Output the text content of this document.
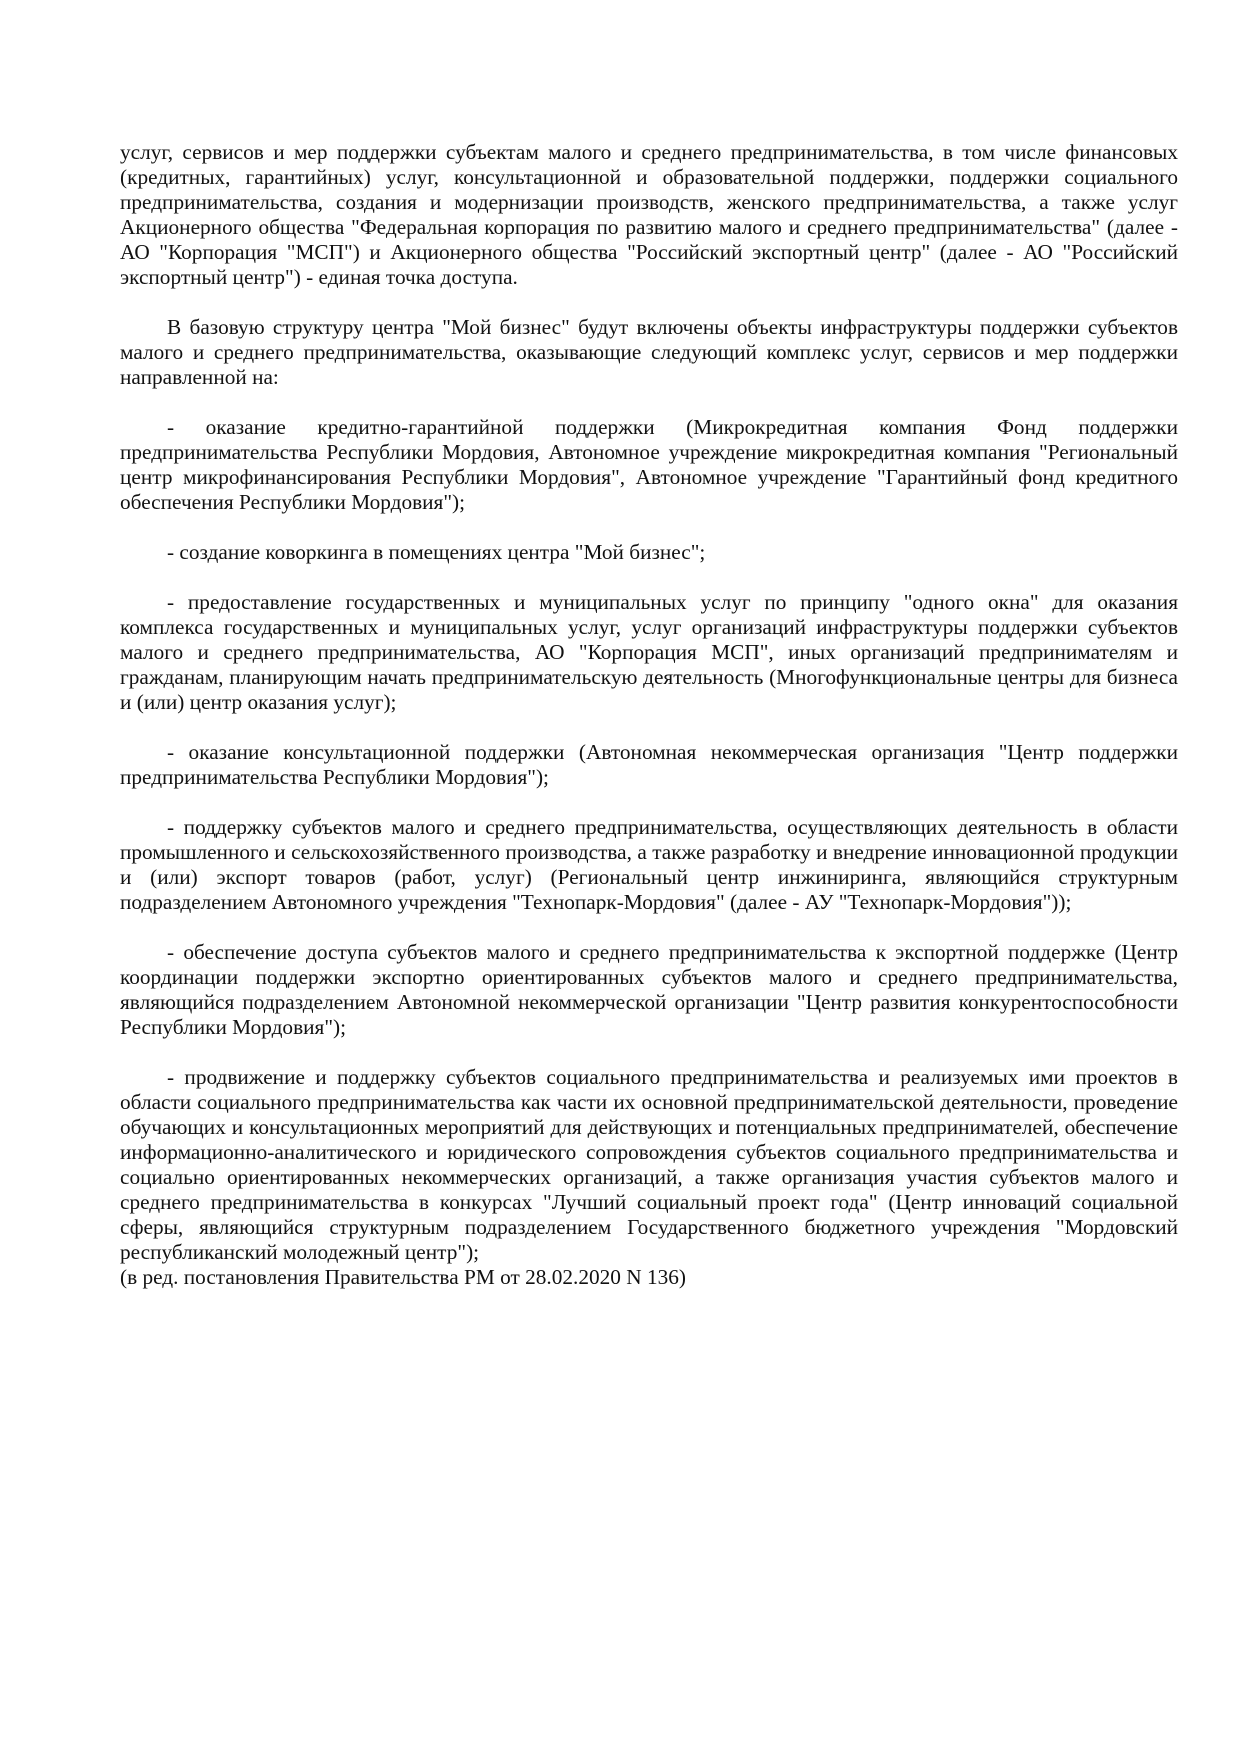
услуг, сервисов и мер поддержки субъектам малого и среднего предпринимательства, в том числе финансовых (кредитных, гарантийных) услуг, консультационной и образовательной поддержки, поддержки социального предпринимательства, создания и модернизации производств, женского предпринимательства, а также услуг Акционерного общества "Федеральная корпорация по развитию малого и среднего предпринимательства" (далее - АО "Корпорация "МСП") и Акционерного общества "Российский экспортный центр" (далее - АО "Российский экспортный центр") - единая точка доступа.

В базовую структуру центра "Мой бизнес" будут включены объекты инфраструктуры поддержки субъектов малого и среднего предпринимательства, оказывающие следующий комплекс услуг, сервисов и мер поддержки направленной на:

- оказание кредитно-гарантийной поддержки (Микрокредитная компания Фонд поддержки предпринимательства Республики Мордовия, Автономное учреждение микрокредитная компания "Региональный центр микрофинансирования Республики Мордовия", Автономное учреждение "Гарантийный фонд кредитного обеспечения Республики Мордовия");

- создание коворкинга в помещениях центра "Мой бизнес";

- предоставление государственных и муниципальных услуг по принципу "одного окна" для оказания комплекса государственных и муниципальных услуг, услуг организаций инфраструктуры поддержки субъектов малого и среднего предпринимательства, АО "Корпорация МСП", иных организаций предпринимателям и гражданам, планирующим начать предпринимательскую деятельность (Многофункциональные центры для бизнеса и (или) центр оказания услуг);

- оказание консультационной поддержки (Автономная некоммерческая организация "Центр поддержки предпринимательства Республики Мордовия");

- поддержку субъектов малого и среднего предпринимательства, осуществляющих деятельность в области промышленного и сельскохозяйственного производства, а также разработку и внедрение инновационной продукции и (или) экспорт товаров (работ, услуг) (Региональный центр инжиниринга, являющийся структурным подразделением Автономного учреждения "Технопарк-Мордовия" (далее - АУ "Технопарк-Мордовия"));

- обеспечение доступа субъектов малого и среднего предпринимательства к экспортной поддержке (Центр координации поддержки экспортно ориентированных субъектов малого и среднего предпринимательства, являющийся подразделением Автономной некоммерческой организации "Центр развития конкурентоспособности Республики Мордовия");

- продвижение и поддержку субъектов социального предпринимательства и реализуемых ими проектов в области социального предпринимательства как части их основной предпринимательской деятельности, проведение обучающих и консультационных мероприятий для действующих и потенциальных предпринимателей, обеспечение информационно-аналитического и юридического сопровождения субъектов социального предпринимательства и социально ориентированных некоммерческих организаций, а также организация участия субъектов малого и среднего предпринимательства в конкурсах "Лучший социальный проект года" (Центр инноваций социальной сферы, являющийся структурным подразделением Государственного бюджетного учреждения "Мордовский республиканский молодежный центр");

(в ред. постановления Правительства РМ от 28.02.2020 N 136)
